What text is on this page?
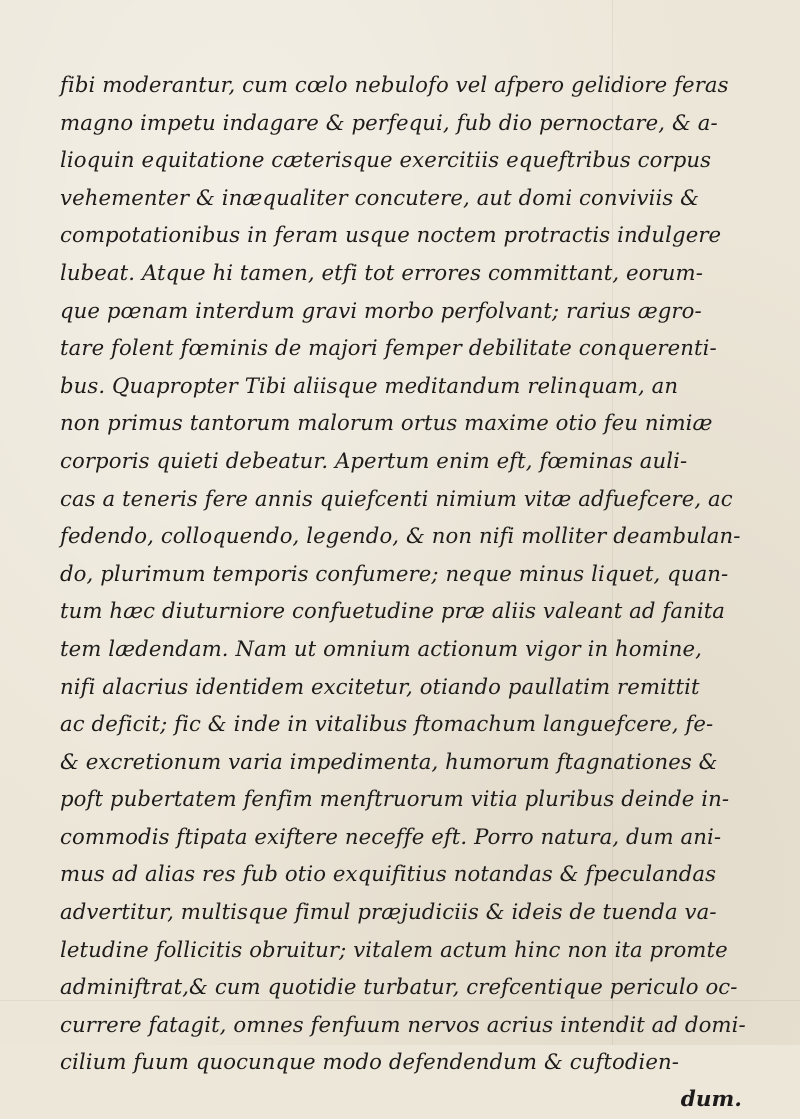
fibi moderantur, cum cœlo nebulofo vel afpero gelidiore feras
magno impetu indagare & perfequi, fub dio pernoctare, & a-
lioquin equitatione cæterisque exercitiis equeftribus corpus
vehementer & inæqualiter concutere, aut domi conviviis &
compotationibus in feram usque noctem protractis indulgere
lubeat. Atque hi tamen, etfi tot errores committant, eorum-
que pœnam interdum gravi morbo perfolvant; rarius ægro-
tare folent fœminis de majori femper debilitate conquerenti-
bus. Quapropter Tibi aliisque meditandum relinquam, an
non primus tantorum malorum ortus maxime otio feu nimiæ
corporis quieti debeatur. Apertum enim eft, fœminas auli-
cas a teneris fere annis quiefcenti nimium vitæ adfuefcere, ac
fedendo, colloquendo, legendo, & non nifi molliter deambulan-
do, plurimum temporis confumere; neque minus liquet, quan-
tum hæc diuturniore confuetudine præ aliis valeant ad fanita
tem lædendam. Nam ut omnium actionum vigor in homine,
nifi alacrius identidem excitetur, otiando paullatim remittit
ac deficit; fic & inde in vitalibus ftomachum languefcere, fe-
& excretionum varia impedimenta, humorum ftagnationes &
poft pubertatem fenfim menftruorum vitia pluribus deinde in-
commodis ftipata exiftere neceffe eft. Porro natura, dum ani-
mus ad alias res fub otio exquifitius notandas & fpeculandas
advertitur, multisque fimul præjudiciis & ideis de tuenda va-
letudine follicitis obruitur; vitalem actum hinc non ita promte
adminiftrat,& cum quotidie turbatur, crefcentique periculo oc-
currere fatagit, omnes fenfuum nervos acrius intendit ad domi-
cilium fuum quocunque modo defendendum & cuftodien-
dum.
